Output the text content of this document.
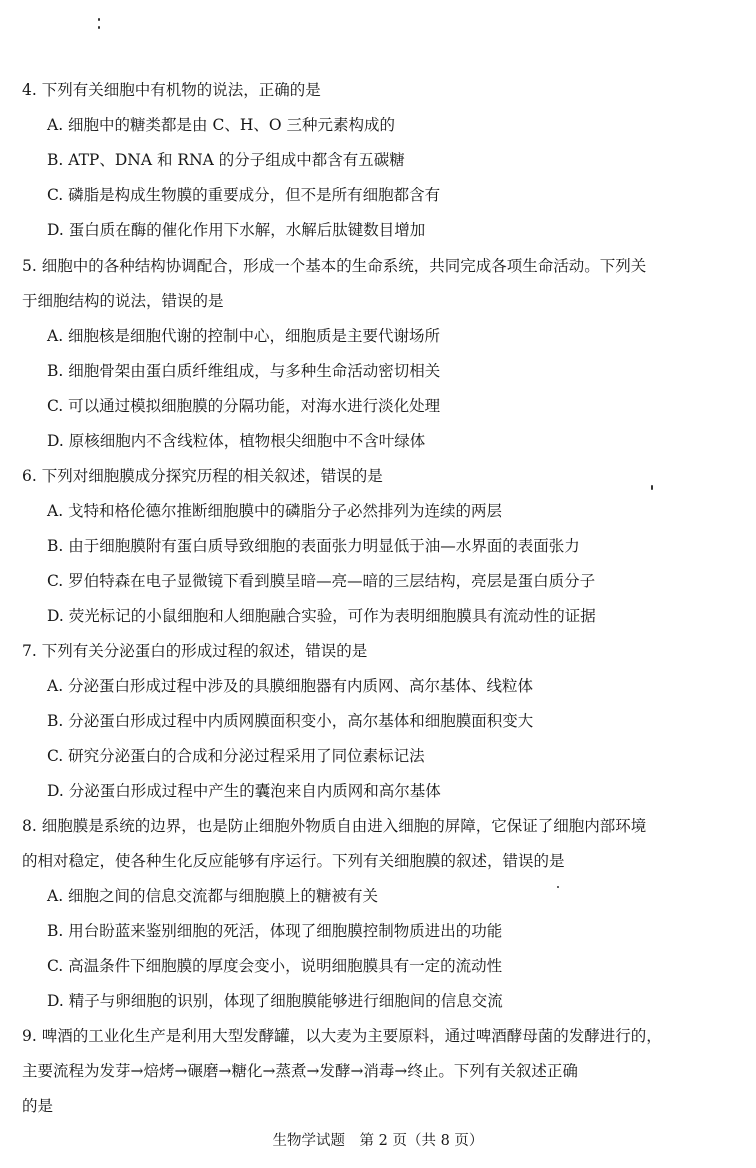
4. 下列有关细胞中有机物的说法，正确的是
A. 细胞中的糖类都是由 C、H、O 三种元素构成的
B. ATP、DNA 和 RNA 的分子组成中都含有五碳糖
C. 磷脂是构成生物膜的重要成分，但不是所有细胞都含有
D. 蛋白质在酶的催化作用下水解，水解后肽键数目增加
5. 细胞中的各种结构协调配合，形成一个基本的生命系统，共同完成各项生命活动。下列关
于细胞结构的说法，错误的是
A. 细胞核是细胞代谢的控制中心，细胞质是主要代谢场所
B. 细胞骨架由蛋白质纤维组成，与多种生命活动密切相关
C. 可以通过模拟细胞膜的分隔功能，对海水进行淡化处理
D. 原核细胞内不含线粒体，植物根尖细胞中不含叶绿体
6. 下列对细胞膜成分探究历程的相关叙述，错误的是
A. 戈特和格伦德尔推断细胞膜中的磷脂分子必然排列为连续的两层
B. 由于细胞膜附有蛋白质导致细胞的表面张力明显低于油—水界面的表面张力
C. 罗伯特森在电子显微镜下看到膜呈暗—亮—暗的三层结构，亮层是蛋白质分子
D. 荧光标记的小鼠细胞和人细胞融合实验，可作为表明细胞膜具有流动性的证据
7. 下列有关分泌蛋白的形成过程的叙述，错误的是
A. 分泌蛋白形成过程中涉及的具膜细胞器有内质网、高尔基体、线粒体
B. 分泌蛋白形成过程中内质网膜面积变小，高尔基体和细胞膜面积变大
C. 研究分泌蛋白的合成和分泌过程采用了同位素标记法
D. 分泌蛋白形成过程中产生的囊泡来自内质网和高尔基体
8. 细胞膜是系统的边界，也是防止细胞外物质自由进入细胞的屏障，它保证了细胞内部环境
的相对稳定，使各种生化反应能够有序运行。下列有关细胞膜的叙述，错误的是
A. 细胞之间的信息交流都与细胞膜上的糖被有关
B. 用台盼蓝来鉴别细胞的死活，体现了细胞膜控制物质进出的功能
C. 高温条件下细胞膜的厚度会变小，说明细胞膜具有一定的流动性
D. 精子与卵细胞的识别，体现了细胞膜能够进行细胞间的信息交流
9. 啤酒的工业化生产是利用大型发酵罐，以大麦为主要原料，通过啤酒酵母菌的发酵进行的，
主要流程为发芽→焙烤→碾磨→糖化→蒸煮→发酵→消毒→终止。下列有关叙述正确
的是
生物学试题　第 2 页（共 8 页）
